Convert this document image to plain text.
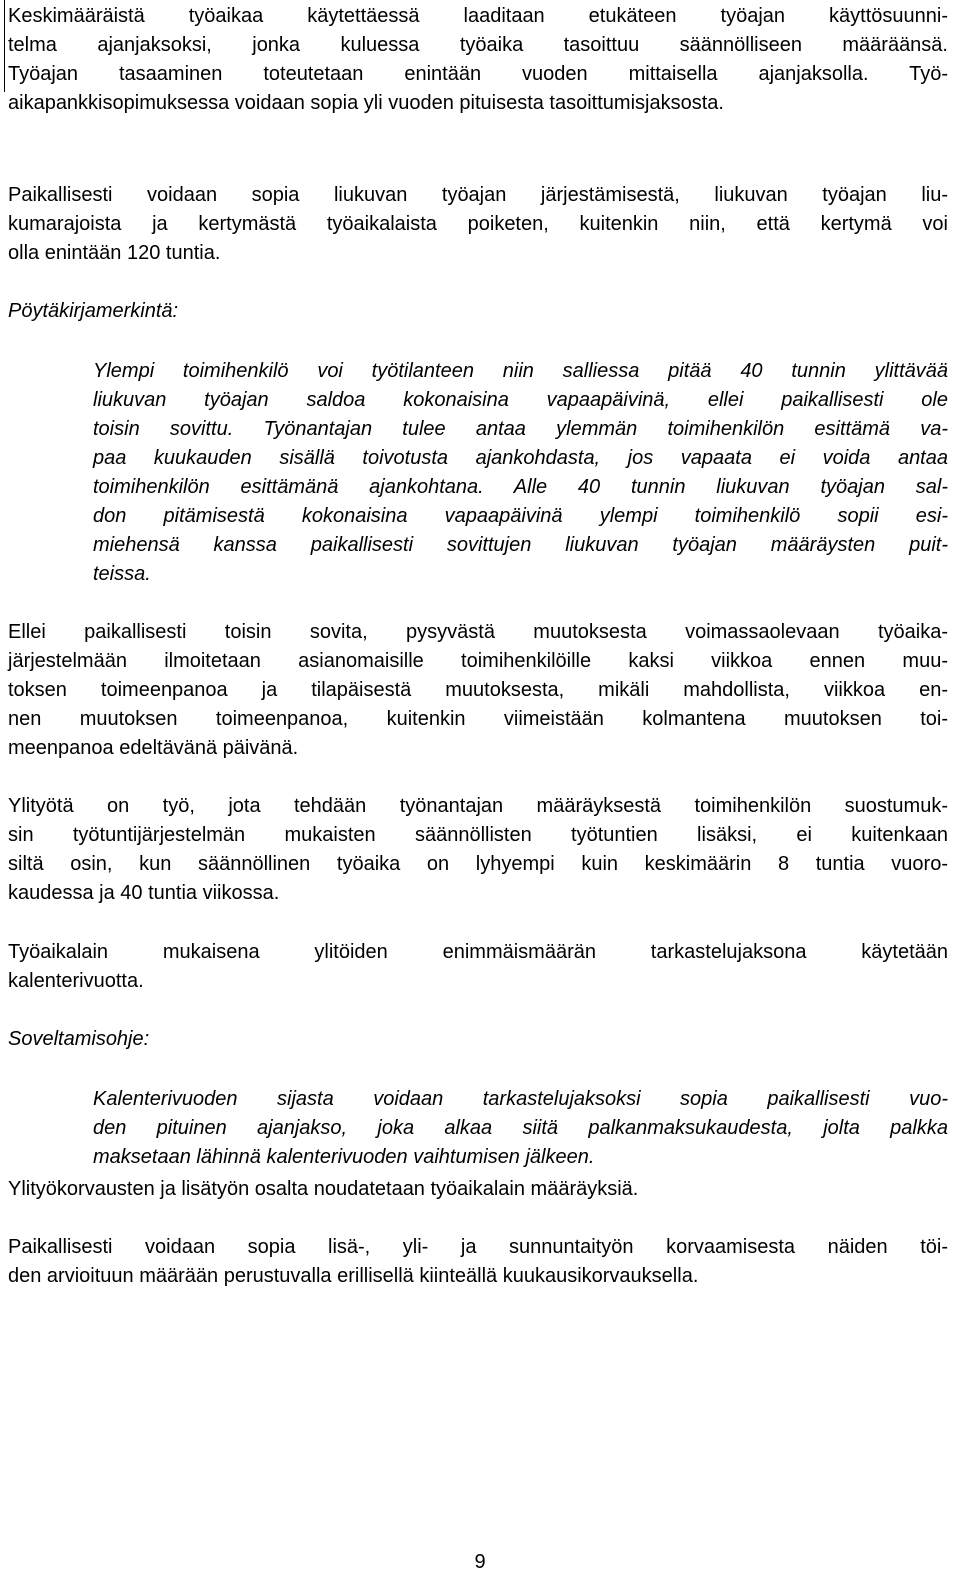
Keskimääräistä työaikaa käytettäessä laaditaan etukäteen työajan käyttösuunni-
telma ajanjaksoksi, jonka kuluessa työaika tasoittuu säännölliseen määräänsä.
Työajan tasaaminen toteutetaan enintään vuoden mittaisella ajanjaksolla. Työ-
aikapankkisopimuksessa voidaan sopia yli vuoden pituisesta tasoittumisjaksosta.
Paikallisesti voidaan sopia liukuvan työajan järjestämisestä, liukuvan työajan liu-
kumarajoista ja kertymästä työaikalaista poiketen, kuitenkin niin, että kertymä voi
olla enintään 120 tuntia.
Pöytäkirjamerkintä:
Ylempi toimihenkilö voi työtilanteen niin salliessa pitää 40 tunnin ylittävää
liukuvan työajan saldoa kokonaisina vapaapäivinä, ellei paikallisesti ole
toisin sovittu. Työnantajan tulee antaa ylemmän toimihenkilön esittämä va-
paa kuukauden sisällä toivotusta ajankohdasta, jos vapaata ei voida antaa
toimihenkilön esittämänä ajankohtana. Alle 40 tunnin liukuvan työajan sal-
don pitämisestä kokonaisina vapaapäivinä ylempi toimihenkilö sopii esi-
miehensä kanssa paikallisesti sovittujen liukuvan työajan määräysten puit-
teissa.
Ellei paikallisesti toisin sovita, pysyvästä muutoksesta voimassaolevaan työaika-
järjestelmään ilmoitetaan asianomaisille toimihenkilöille kaksi viikkoa ennen muu-
toksen toimeenpanoa ja tilapäisestä muutoksesta, mikäli mahdollista, viikkoa en-
nen muutoksen toimeenpanoa, kuitenkin viimeistään kolmantena muutoksen toi-
meenpanoa edeltävänä päivänä.
Ylityötä on työ, jota tehdään työnantajan määräyksestä toimihenkilön suostumuk-
sin työtuntijärjestelmän mukaisten säännöllisten työtuntien lisäksi, ei kuitenkaan
siltä osin, kun säännöllinen työaika on lyhyempi kuin keskimäärin 8 tuntia vuoro-
kaudessa ja 40 tuntia viikossa.
Työaikalain mukaisena ylitöiden enimmäismäärän tarkastelujaksona käytetään
kalenterivuotta.
Soveltamisohje:
Kalenterivuoden sijasta voidaan tarkastelujaksoksi sopia paikallisesti vuo-
den pituinen ajanjakso, joka alkaa siitä palkanmaksukaudesta, jolta palkka
maksetaan lähinnä kalenterivuoden vaihtumisen jälkeen.
Ylityökorvausten ja lisätyön osalta noudatetaan työaikalain määräyksiä.
Paikallisesti voidaan sopia lisä-, yli- ja sunnuntaityön korvaamisesta näiden töi-
den arvioituun määrään perustuvalla erillisellä kiinteällä kuukausikorvauksella.
9
